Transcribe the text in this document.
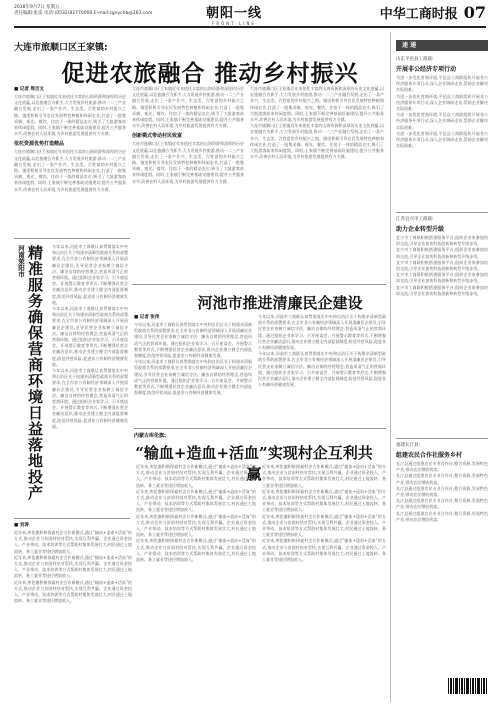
2018年9月7日 星期五
责任编辑:张雷 电话:(0532)82770000 E-mail:zgnychb@163.com	朝阳一线
FRONT LINE
中华工商时报 07
大连市旅顺口区王家镇:
促进农旅融合 推动乡村振兴
■ 记者 周吉文
大连市旅顺口区王家镇近年来依托丰富的山海资源和深厚的历史文化底蕴,以农旅融合为抓手,大力发展乡村旅游,推动一二三产业融合发展,走出了一条产业兴、生态美、百姓富的乡村振兴之路。镇里积极引导农民发展特色种植和休闲农业,打造了一批集采摘、观光、餐饮、住宿于一体的精品农庄,吸引了大批游客前来休闲度假。同时,王家镇不断完善基础设施建设,提升公共服务水平,改善农村人居环境,为乡村旅游发展提供有力支撑。
依托资源优势打造精品
大连市旅顺口区王家镇近年来依托丰富的山海资源和深厚的历史文化底蕴,以农旅融合为抓手,大力发展乡村旅游,推动一二三产业融合发展,走出了一条产业兴、生态美、百姓富的乡村振兴之路。镇里积极引导农民发展特色种植和休闲农业,打造了一批集采摘、观光、餐饮、住宿于一体的精品农庄,吸引了大批游客前来休闲度假。同时,王家镇不断完善基础设施建设,提升公共服务水平,改善农村人居环境,为乡村旅游发展提供有力支撑。
大连市旅顺口区王家镇近年来依托丰富的山海资源和深厚的历史文化底蕴,以农旅融合为抓手,大力发展乡村旅游,推动一二三产业融合发展,走出了一条产业兴、生态美、百姓富的乡村振兴之路。镇里积极引导农民发展特色种植和休闲农业,打造了一批集采摘、观光、餐饮、住宿于一体的精品农庄,吸引了大批游客前来休闲度假。同时,王家镇不断完善基础设施建设,提升公共服务水平,改善农村人居环境,为乡村旅游发展提供有力支撑。
创新模式带动村民致富
大连市旅顺口区王家镇近年来依托丰富的山海资源和深厚的历史文化底蕴,以农旅融合为抓手,大力发展乡村旅游,推动一二三产业融合发展,走出了一条产业兴、生态美、百姓富的乡村振兴之路。镇里积极引导农民发展特色种植和休闲农业,打造了一批集采摘、观光、餐饮、住宿于一体的精品农庄,吸引了大批游客前来休闲度假。同时,王家镇不断完善基础设施建设,提升公共服务水平,改善农村人居环境,为乡村旅游发展提供有力支撑。
大连市旅顺口区王家镇近年来依托丰富的山海资源和深厚的历史文化底蕴,以农旅融合为抓手,大力发展乡村旅游,推动一二三产业融合发展,走出了一条产业兴、生态美、百姓富的乡村振兴之路。镇里积极引导农民发展特色种植和休闲农业,打造了一批集采摘、观光、餐饮、住宿于一体的精品农庄,吸引了大批游客前来休闲度假。同时,王家镇不断完善基础设施建设,提升公共服务水平,改善农村人居环境,为乡村旅游发展提供有力支撑。
大连市旅顺口区王家镇近年来依托丰富的山海资源和深厚的历史文化底蕴,以农旅融合为抓手,大力发展乡村旅游,推动一二三产业融合发展,走出了一条产业兴、生态美、百姓富的乡村振兴之路。镇里积极引导农民发展特色种植和休闲农业,打造了一批集采摘、观光、餐饮、住宿于一体的精品农庄,吸引了大批游客前来休闲度假。同时,王家镇不断完善基础设施建设,提升公共服务水平,改善农村人居环境,为乡村旅游发展提供有力支撑。
河南荥阳市 精准服务确保营商环境日益落地投产	今年以来,河池市工商联认真贯彻落实中央和自治区关于构建亲清新型政商关系的部署要求,在全市非公有制经济领域深入开展清廉民企建设,引导民营企业家树立诚信守法、廉洁自律的经营理念,营造风清气正的营商环境。通过组织企业家学习、召开座谈会、开展警示教育等形式,不断增强民营企业廉洁意识,推动企业建立健全内部监督制度,防范经营风险,促进非公有制经济健康发展。
今年以来,河池市工商联认真贯彻落实中央和自治区关于构建亲清新型政商关系的部署要求,在全市非公有制经济领域深入开展清廉民企建设,引导民营企业家树立诚信守法、廉洁自律的经营理念,营造风清气正的营商环境。通过组织企业家学习、召开座谈会、开展警示教育等形式,不断增强民营企业廉洁意识,推动企业建立健全内部监督制度,防范经营风险,促进非公有制经济健康发展。
今年以来,河池市工商联认真贯彻落实中央和自治区关于构建亲清新型政商关系的部署要求,在全市非公有制经济领域深入开展清廉民企建设,引导民营企业家树立诚信守法、廉洁自律的经营理念,营造风清气正的营商环境。通过组织企业家学习、召开座谈会、开展警示教育等形式,不断增强民营企业廉洁意识,推动企业建立健全内部监督制度,防范经营风险,促进非公有制经济健康发展。
河池市推进清廉民企建设
■ 记者 张伟
今年以来,河池市工商联认真贯彻落实中央和自治区关于构建亲清新型政商关系的部署要求,在全市非公有制经济领域深入开展清廉民企建设,引导民营企业家树立诚信守法、廉洁自律的经营理念,营造风清气正的营商环境。通过组织企业家学习、召开座谈会、开展警示教育等形式,不断增强民营企业廉洁意识,推动企业建立健全内部监督制度,防范经营风险,促进非公有制经济健康发展。
今年以来,河池市工商联认真贯彻落实中央和自治区关于构建亲清新型政商关系的部署要求,在全市非公有制经济领域深入开展清廉民企建设,引导民营企业家树立诚信守法、廉洁自律的经营理念,营造风清气正的营商环境。通过组织企业家学习、召开座谈会、开展警示教育等形式,不断增强民营企业廉洁意识,推动企业建立健全内部监督制度,防范经营风险,促进非公有制经济健康发展。
今年以来,河池市工商联认真贯彻落实中央和自治区关于构建亲清新型政商关系的部署要求,在全市非公有制经济领域深入开展清廉民企建设,引导民营企业家树立诚信守法、廉洁自律的经营理念,营造风清气正的营商环境。通过组织企业家学习、召开座谈会、开展警示教育等形式,不断增强民营企业廉洁意识,推动企业建立健全内部监督制度,防范经营风险,促进非公有制经济健康发展。
今年以来,河池市工商联认真贯彻落实中央和自治区关于构建亲清新型政商关系的部署要求,在全市非公有制经济领域深入开展清廉民企建设,引导民营企业家树立诚信守法、廉洁自律的经营理念,营造风清气正的营商环境。通过组织企业家学习、召开座谈会、开展警示教育等形式,不断增强民营企业廉洁意识,推动企业建立健全内部监督制度,防范经营风险,促进非公有制经济健康发展。
内蒙古库伦旗:
“输血+造血+活血”实现村企互利共赢
■ 刘涛
近年来,库伦旗积极探索村企合作新模式,通过“输血+造血+活血”的方式,推动企业与贫困村结对帮扶,实现互利共赢。企业通过资金投入、产业带动、技术培训等方式帮助村集体发展壮大,村民通过土地流转、务工就业等途径增加收入。
近年来,库伦旗积极探索村企合作新模式,通过“输血+造血+活血”的方式,推动企业与贫困村结对帮扶,实现互利共赢。企业通过资金投入、产业带动、技术培训等方式帮助村集体发展壮大,村民通过土地流转、务工就业等途径增加收入。
近年来,库伦旗积极探索村企合作新模式,通过“输血+造血+活血”的方式,推动企业与贫困村结对帮扶,实现互利共赢。企业通过资金投入、产业带动、技术培训等方式帮助村集体发展壮大,村民通过土地流转、务工就业等途径增加收入。
近年来,库伦旗积极探索村企合作新模式,通过“输血+造血+活血”的方式,推动企业与贫困村结对帮扶,实现互利共赢。企业通过资金投入、产业带动、技术培训等方式帮助村集体发展壮大,村民通过土地流转、务工就业等途径增加收入。
近年来,库伦旗积极探索村企合作新模式,通过“输血+造血+活血”的方式,推动企业与贫困村结对帮扶,实现互利共赢。企业通过资金投入、产业带动、技术培训等方式帮助村集体发展壮大,村民通过土地流转、务工就业等途径增加收入。
近年来,库伦旗积极探索村企合作新模式,通过“输血+造血+活血”的方式,推动企业与贫困村结对帮扶,实现互利共赢。企业通过资金投入、产业带动、技术培训等方式帮助村集体发展壮大,村民通过土地流转、务工就业等途径增加收入。
近年来,库伦旗积极探索村企合作新模式,通过“输血+造血+活血”的方式,推动企业与贫困村结对帮扶,实现互利共赢。企业通过资金投入、产业带动、技术培训等方式帮助村集体发展壮大,村民通过土地流转、务工就业等途径增加收入。
近年来,库伦旗积极探索村企合作新模式,通过“输血+造血+活血”的方式,推动企业与贫困村结对帮扶,实现互利共赢。企业通过资金投入、产业带动、技术培训等方式帮助村集体发展壮大,村民通过土地流转、务工就业等途径增加收入。
近年来,库伦旗积极探索村企合作新模式,通过“输血+造血+活血”的方式,推动企业与贫困村结对帮扶,实现互利共赢。企业通过资金投入、产业带动、技术培训等方式帮助村集体发展壮大,村民通过土地流转、务工就业等途径增加收入。
近年来,库伦旗积极探索村企合作新模式,通过“输血+造血+活血”的方式,推动企业与贫困村结对帮扶,实现互利共赢。企业通过资金投入、产业带动、技术培训等方式帮助村集体发展壮大,村民通过土地流转、务工就业等途径增加收入。
近年来,库伦旗积极探索村企合作新模式,通过“输血+造血+活血”的方式,推动企业与贫困村结对帮扶,实现互利共赢。企业通过资金投入、产业带动、技术培训等方式帮助村集体发展壮大,村民通过土地流转、务工就业等途径增加收入。
速 递
山东平邑县工商联:
开展非公经济专项行动
为进一步优化营商环境,平邑县工商联组织开展非公经济服务专项行动,深入企业调研走访,帮助企业解决实际困难。
为进一步优化营商环境,平邑县工商联组织开展非公经济服务专项行动,深入企业调研走访,帮助企业解决实际困难。
为进一步优化营商环境,平邑县工商联组织开展非公经济服务专项行动,深入企业调研走访,帮助企业解决实际困难。
为进一步优化营商环境,平邑县工商联组织开展非公经济服务专项行动,深入企业调研走访,帮助企业解决实际困难。
江苏宜兴市工商联:
助力企业转型升级
宜兴市工商联积极搭建服务平台,组织企业家参加培训交流,引导企业加快科技创新和转型升级步伐。
宜兴市工商联积极搭建服务平台,组织企业家参加培训交流,引导企业加快科技创新和转型升级步伐。
宜兴市工商联积极搭建服务平台,组织企业家参加培训交流,引导企业加快科技创新和转型升级步伐。
宜兴市工商联积极搭建服务平台,组织企业家参加培训交流,引导企业加快科技创新和转型升级步伐。
宜兴市工商联积极搭建服务平台,组织企业家参加培训交流,引导企业加快科技创新和转型升级步伐。
福建长汀县:
组建农民合作社服务乡村
长汀县通过组建农民专业合作社,整合资源,发展特色产业,带动农民增收致富。
长汀县通过组建农民专业合作社,整合资源,发展特色产业,带动农民增收致富。
长汀县通过组建农民专业合作社,整合资源,发展特色产业,带动农民增收致富。
长汀县通过组建农民专业合作社,整合资源,发展特色产业,带动农民增收致富。
长汀县通过组建农民专业合作社,整合资源,发展特色产业,带动农民增收致富。
